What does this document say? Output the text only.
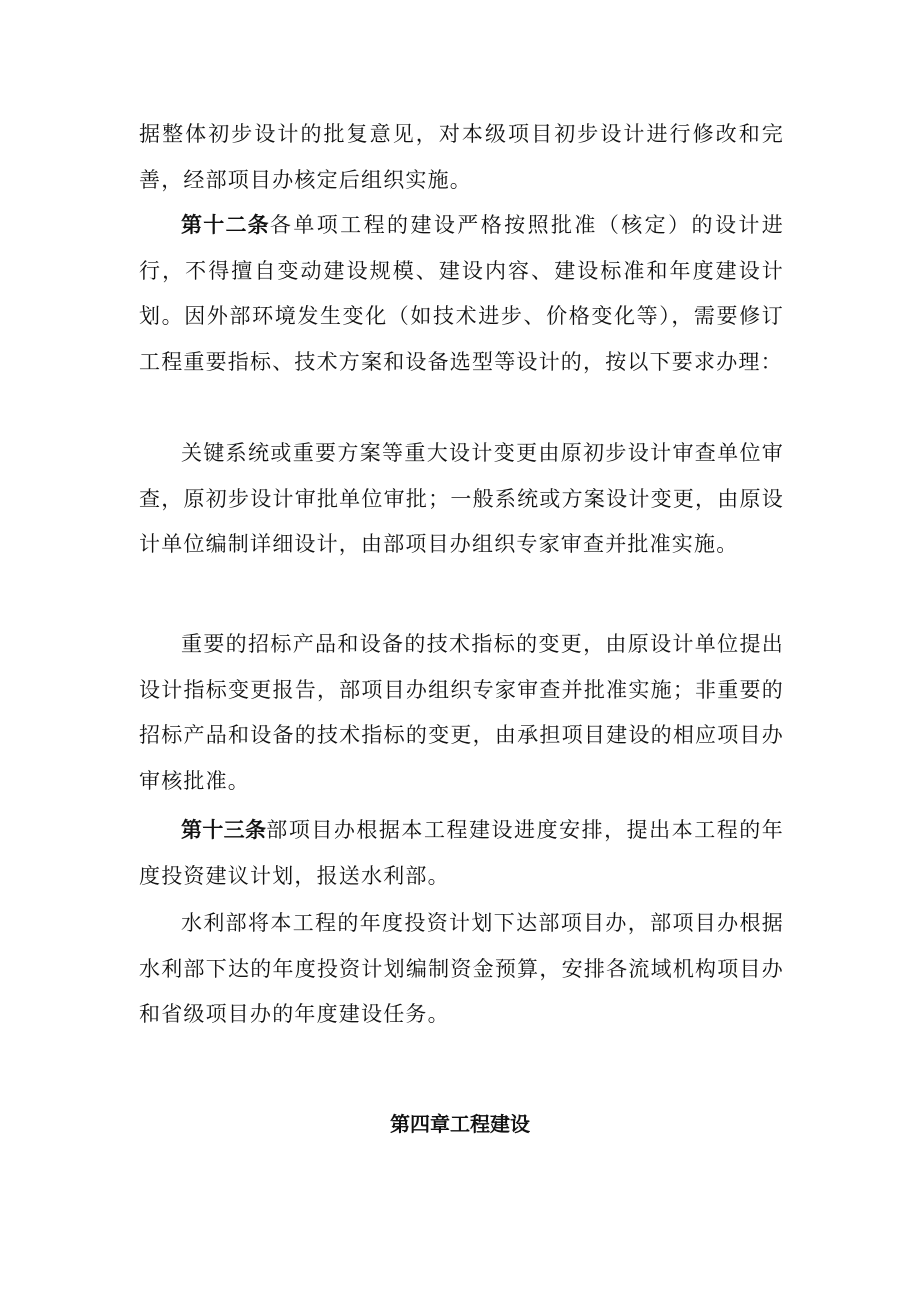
据整体初步设计的批复意见，对本级项目初步设计进行修改和完善，经部项目办核定后组织实施。

第十二条各单项工程的建设严格按照批准（核定）的设计进行，不得擅自变动建设规模、建设内容、建设标准和年度建设计划。因外部环境发生变化（如技术进步、价格变化等），需要修订工程重要指标、技术方案和设备选型等设计的，按以下要求办理：

关键系统或重要方案等重大设计变更由原初步设计审查单位审查，原初步设计审批单位审批；一般系统或方案设计变更，由原设计单位编制详细设计，由部项目办组织专家审查并批准实施。

重要的招标产品和设备的技术指标的变更，由原设计单位提出设计指标变更报告，部项目办组织专家审查并批准实施；非重要的招标产品和设备的技术指标的变更，由承担项目建设的相应项目办审核批准。

第十三条部项目办根据本工程建设进度安排，提出本工程的年度投资建议计划，报送水利部。

水利部将本工程的年度投资计划下达部项目办，部项目办根据水利部下达的年度投资计划编制资金预算，安排各流域机构项目办和省级项目办的年度建设任务。

第四章工程建设
